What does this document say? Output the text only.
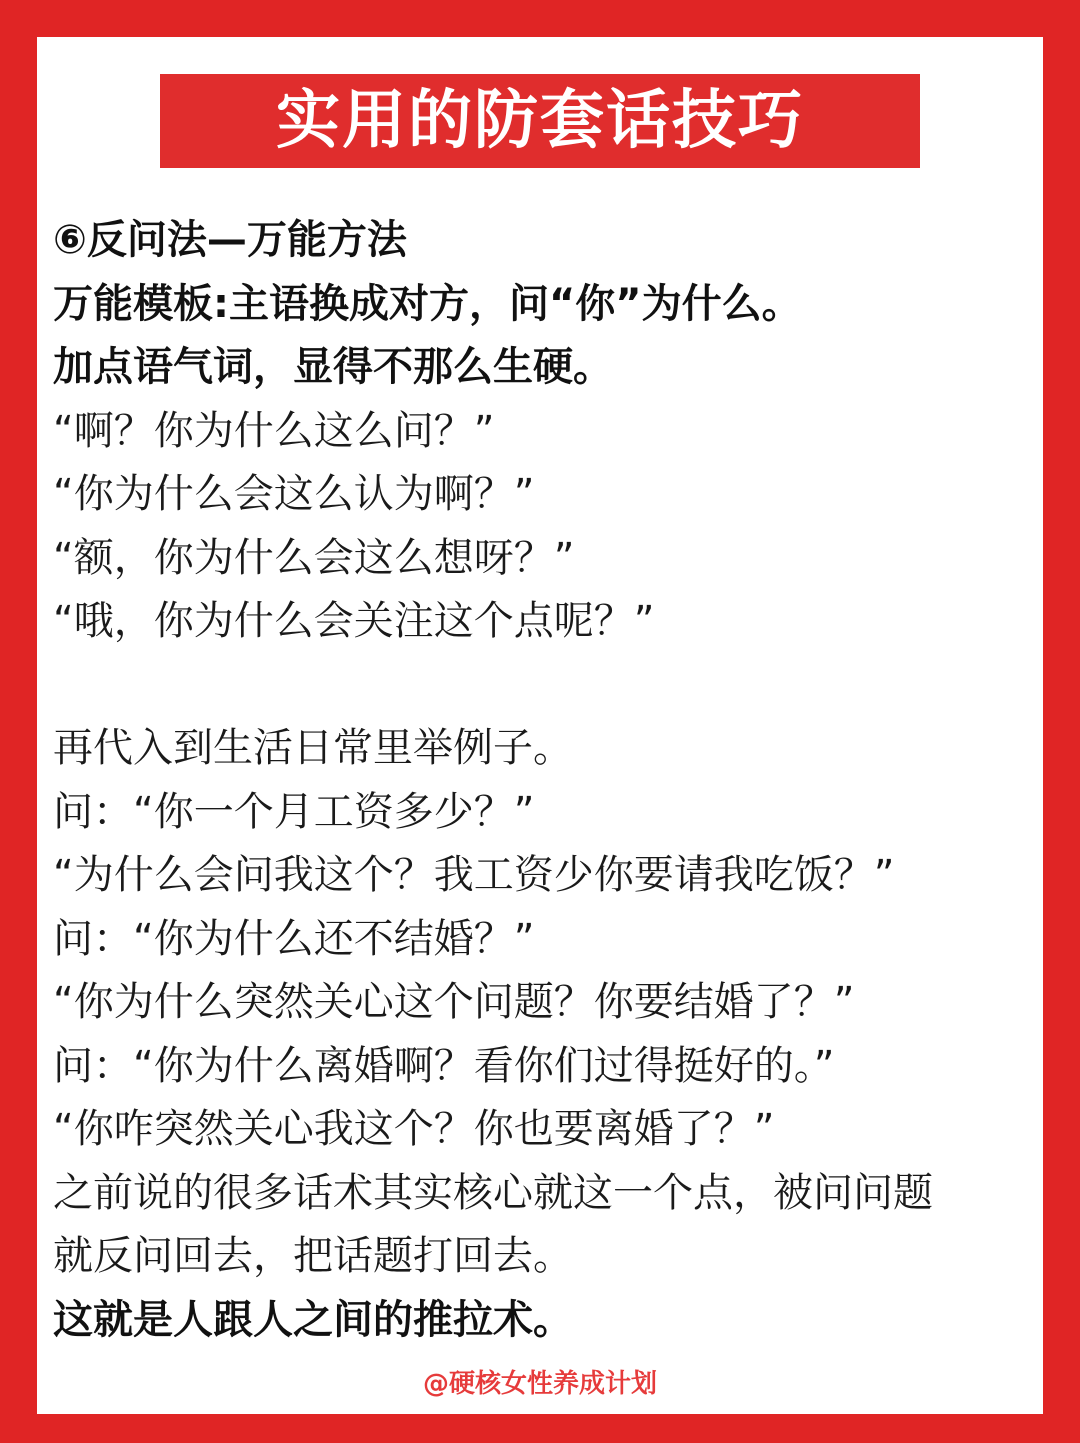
实用的防套话技巧
⑥反问法—万能方法
万能模板:主语换成对方，问“你”为什么。
加点语气词，显得不那么生硬。
“啊？你为什么这么问？”
“你为什么会这么认为啊？”
“额，你为什么会这么想呀？”
“哦，你为什么会关注这个点呢？”
再代入到生活日常里举例子。
问：“你一个月工资多少？”
“为什么会问我这个？我工资少你要请我吃饭？”
问：“你为什么还不结婚？”
“你为什么突然关心这个问题？你要结婚了？”
问：“你为什么离婚啊？看你们过得挺好的。”
“你咋突然关心我这个？你也要离婚了？”
之前说的很多话术其实核心就这一个点，被问问题
就反问回去，把话题打回去。
这就是人跟人之间的推拉术。
@硬核女性养成计划
